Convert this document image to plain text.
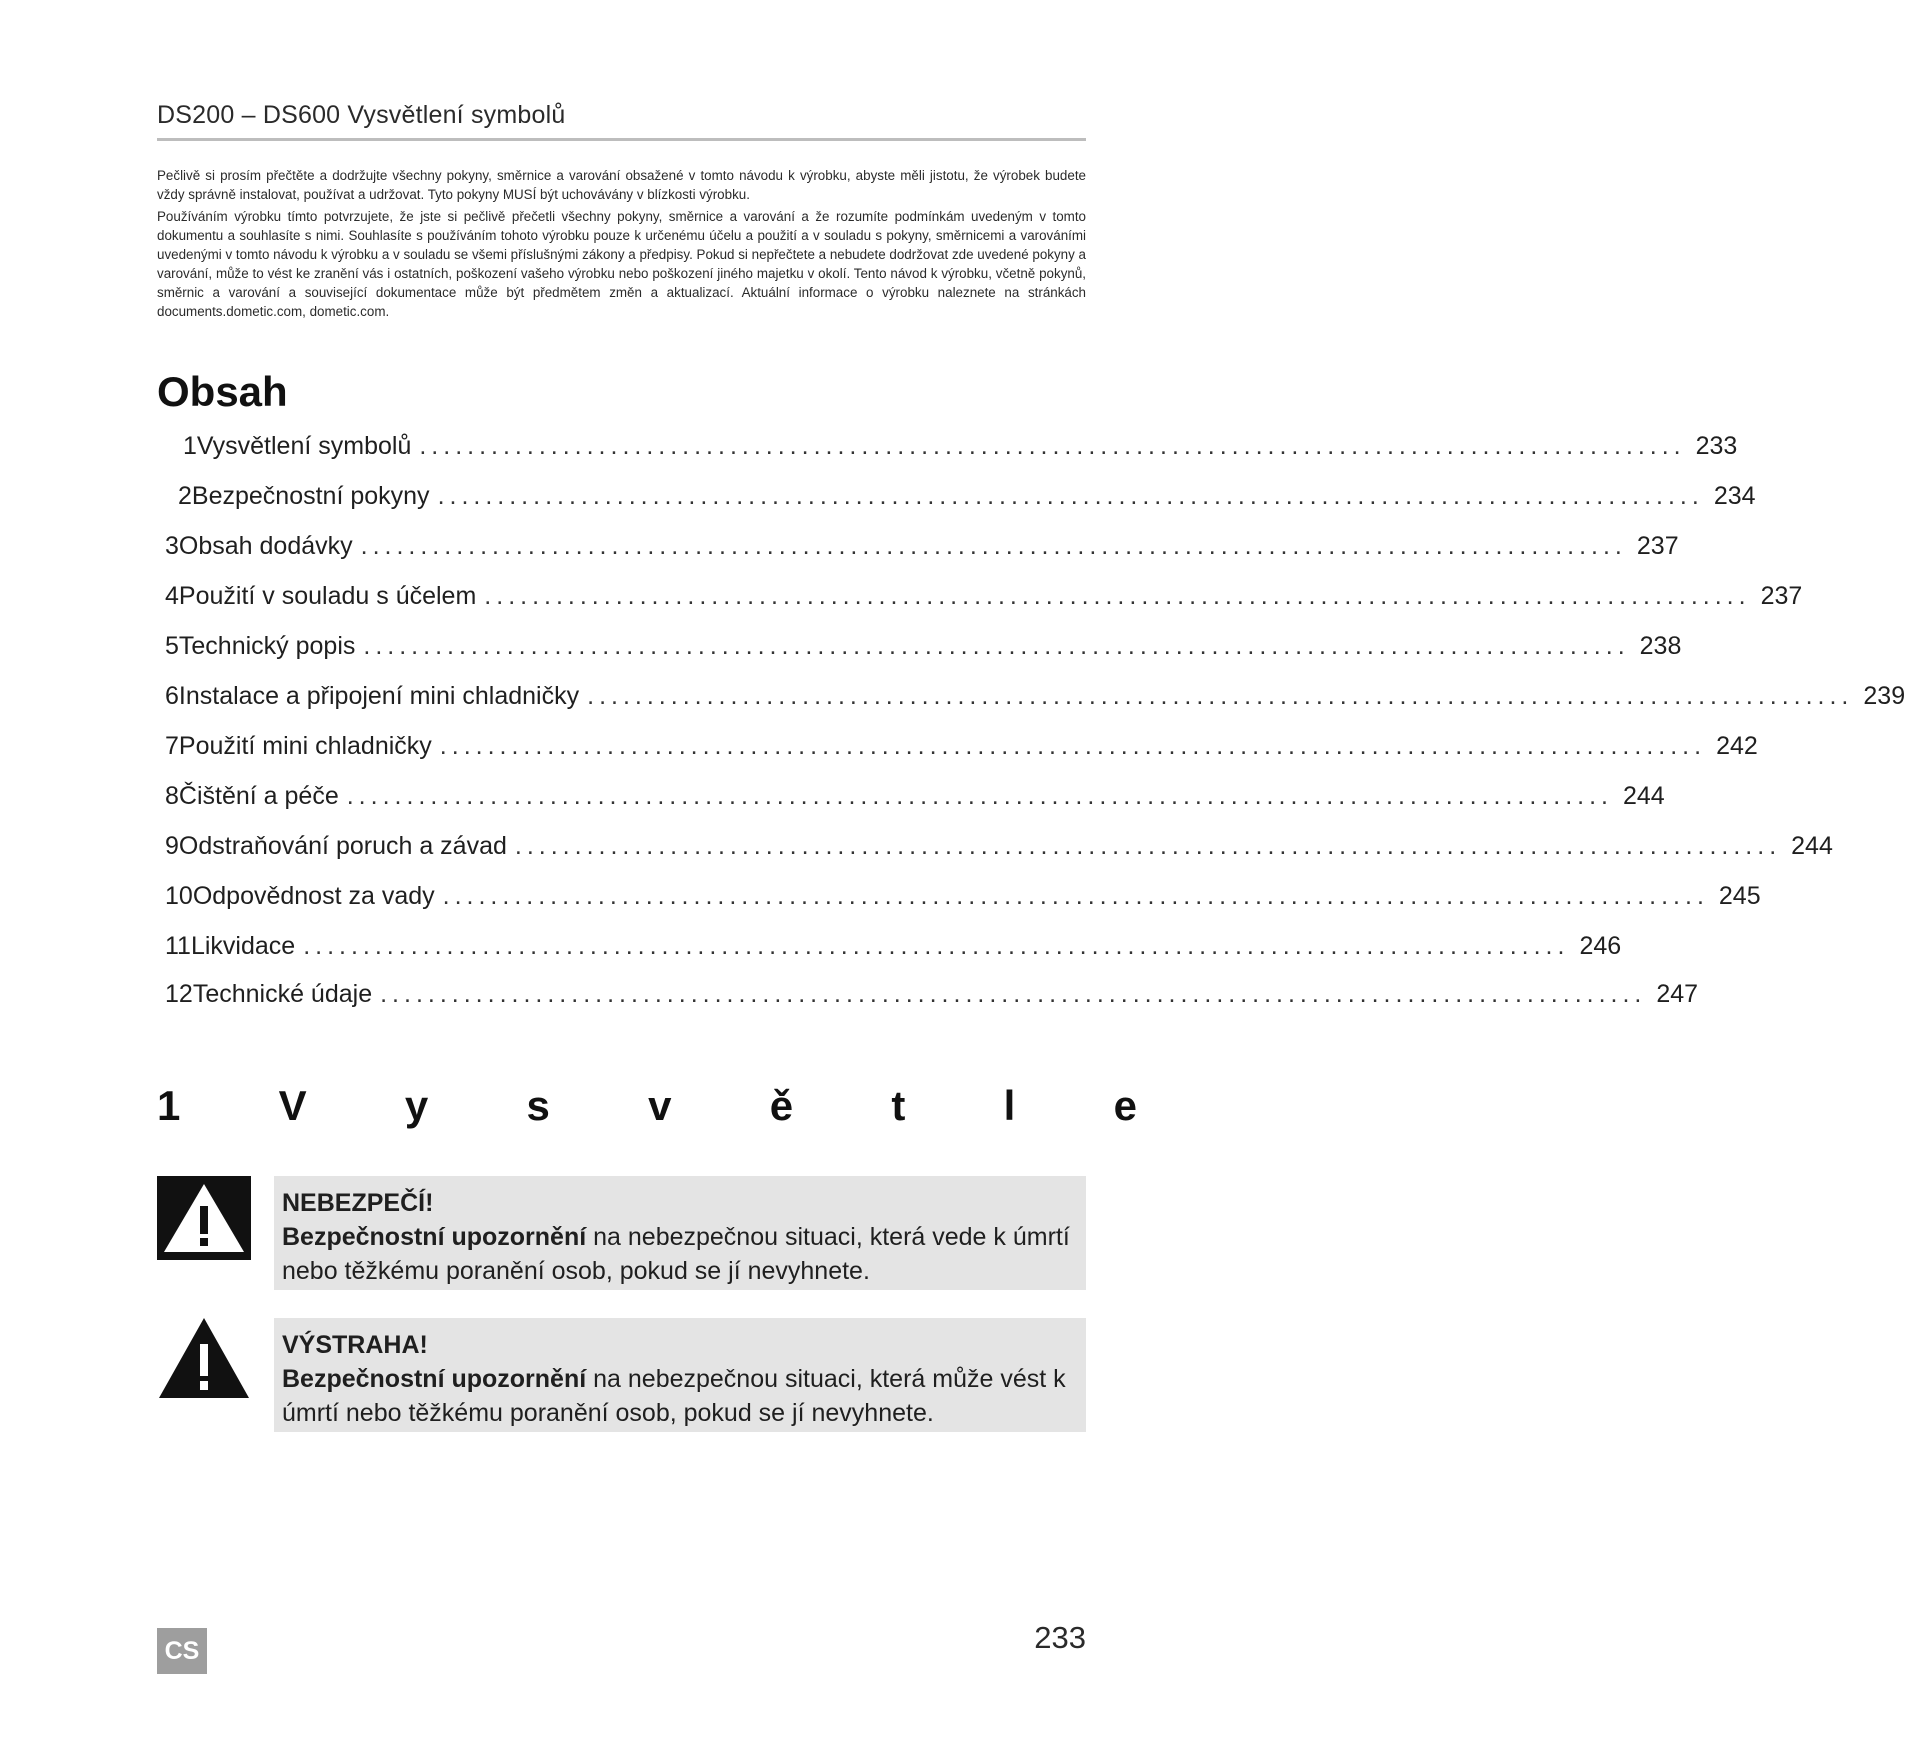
DS200 – DS600 Vysvětlení symbolů

Pečlivě si prosím přečtěte a dodržujte všechny pokyny, směrnice a varování obsažené v tomto návodu k výrobku, abyste měli jistotu, že výrobek budete vždy správně instalovat, používat a udržovat. Tyto pokyny MUSÍ být uchovávány v blízkosti výrobku.

Používáním výrobku tímto potvrzujete, že jste si pečlivě přečetli všechny pokyny, směrnice a varování a že rozumíte podmínkám uvedeným v tomto dokumentu a souhlasíte s nimi. Souhlasíte s používáním tohoto výrobku pouze k určenému účelu a použití a v souladu s pokyny, směrnicemi a varováními uvedenými v tomto návodu k výrobku a v souladu se všemi příslušnými zákony a předpisy. Pokud si nepřečtete a nebudete dodržovat zde uvedené pokyny a varování, může to vést ke zranění vás i ostatních, poškození vašeho výrobku nebo poškození jiného majetku v okolí. Tento návod k výrobku, včetně pokynů, směrnic a varování a související dokumentace může být předmětem změn a aktualizací. Aktuální informace o výrobku naleznete na stránkách documents.dometic.com, dometic.com.

Obsah
1 Vysvětlení symbolů .......................................................................................................... 233
2 Bezpečnostní pokyny .......................................................................................................... 234
3 Obsah dodávky .......................................................................................................... 237
4 Použití v souladu s účelem .......................................................................................................... 237
5 Technický popis .......................................................................................................... 238
6 Instalace a připojení mini chladničky .......................................................................................................... 239
7 Použití mini chladničky .......................................................................................................... 242
8 Čištění a péče .......................................................................................................... 244
9 Odstraňování poruch a závad .......................................................................................................... 244
10 Odpovědnost za vady .......................................................................................................... 245
11 Likvidace .......................................................................................................... 246
12 Technické údaje .......................................................................................................... 247
1 V y s v ě t l e
NEBEZPEČÍ!
Bezpečnostní upozornění na nebezpečnou situaci, která vede k úmrtí nebo těžkému poranění osob, pokud se jí nevyhnete.
VÝSTRAHA!
Bezpečnostní upozornění na nebezpečnou situaci, která může vést k úmrtí nebo těžkému poranění osob, pokud se jí nevyhnete.
CS	233
